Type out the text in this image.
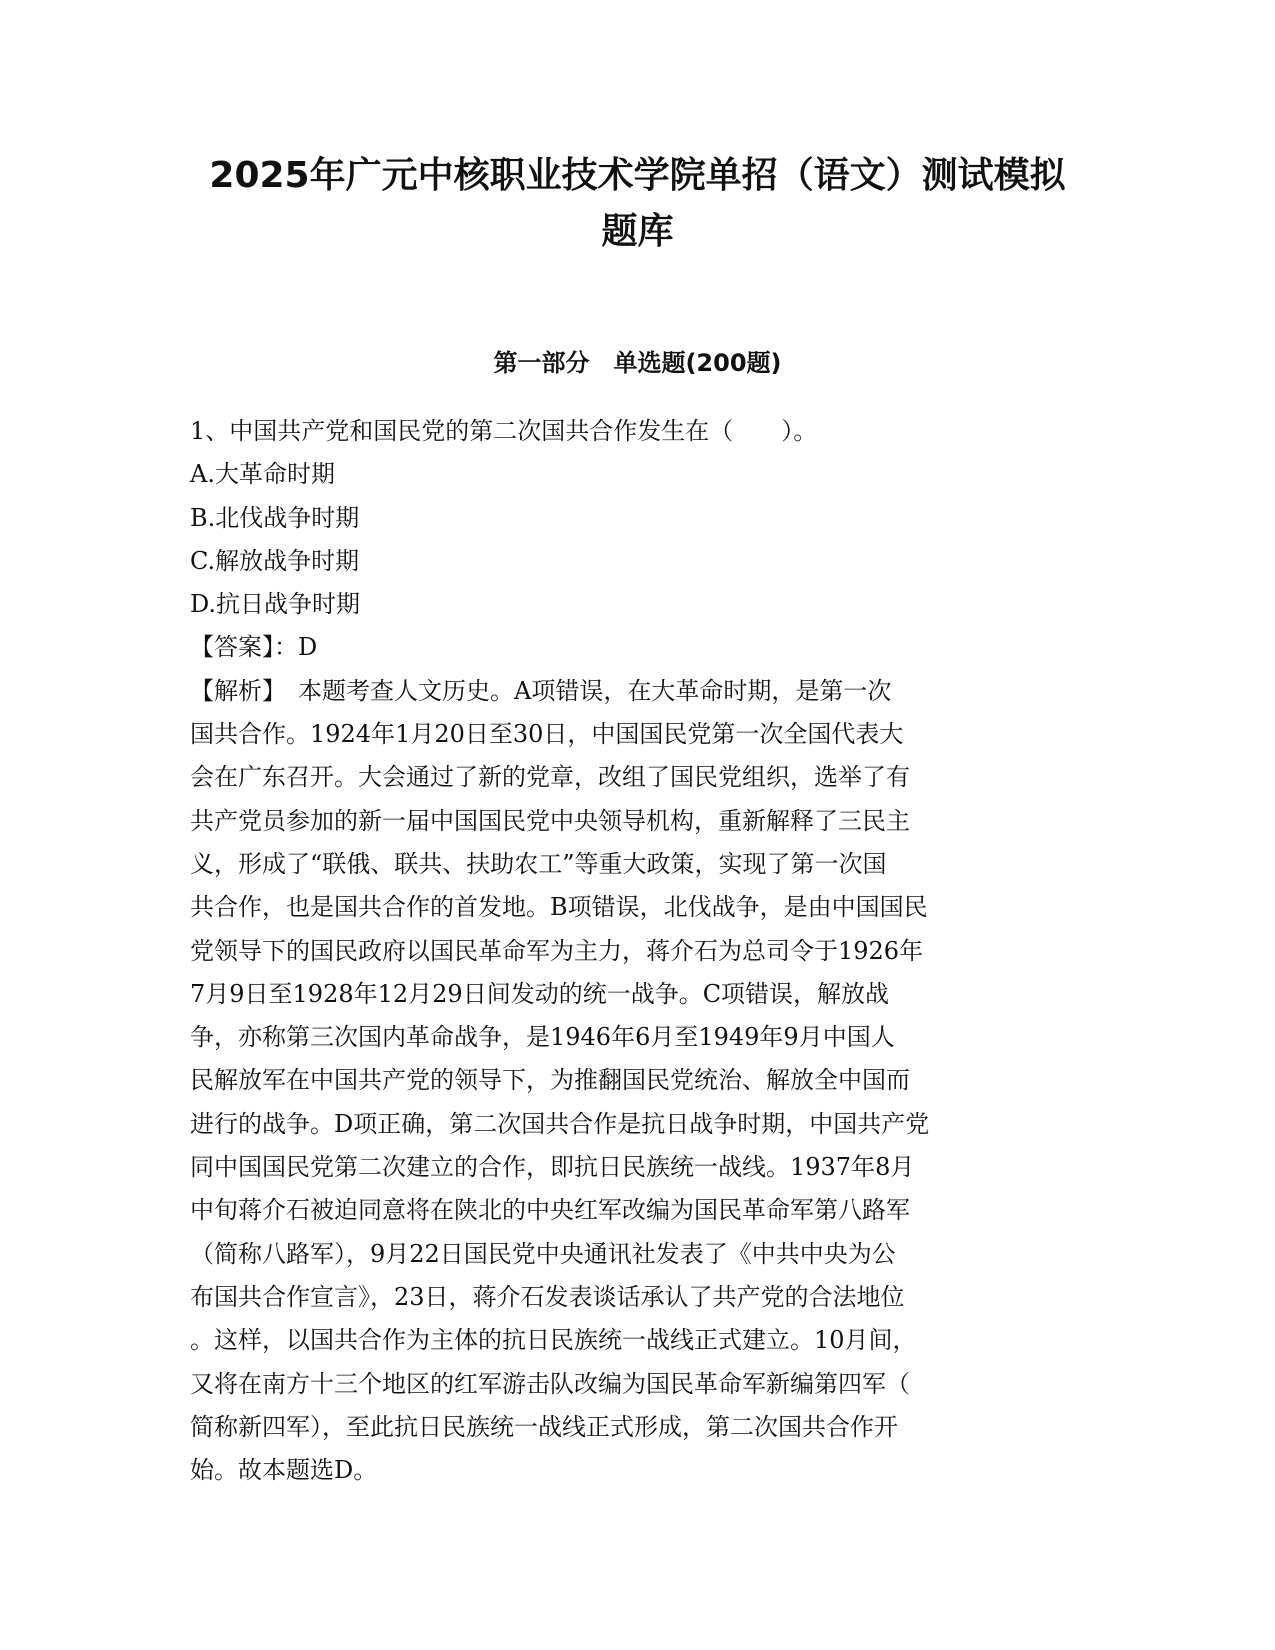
2025年广元中核职业技术学院单招（语文）测试模拟
题库
第一部分　单选题(200题)
1、中国共产党和国民党的第二次国共合作发生在（　　）。
A.大革命时期
B.北伐战争时期
C.解放战争时期
D.抗日战争时期
【答案】：D
【解析】　本题考查人文历史。A项错误，在大革命时期，是第一次
国共合作。1924年1月20日至30日，中国国民党第一次全国代表大
会在广东召开。大会通过了新的党章，改组了国民党组织，选举了有
共产党员参加的新一届中国国民党中央领导机构，重新解释了三民主
义，形成了“联俄、联共、扶助农工”等重大政策，实现了第一次国
共合作，也是国共合作的首发地。B项错误，北伐战争，是由中国国民
党领导下的国民政府以国民革命军为主力，蒋介石为总司令于1926年
7月9日至1928年12月29日间发动的统一战争。C项错误，解放战
争，亦称第三次国内革命战争，是1946年6月至1949年9月中国人
民解放军在中国共产党的领导下，为推翻国民党统治、解放全中国而
进行的战争。D项正确，第二次国共合作是抗日战争时期，中国共产党
同中国国民党第二次建立的合作，即抗日民族统一战线。1937年8月
中旬蒋介石被迫同意将在陕北的中央红军改编为国民革命军第八路军
（简称八路军），9月22日国民党中央通讯社发表了《中共中央为公
布国共合作宣言》，23日，蒋介石发表谈话承认了共产党的合法地位
。这样，以国共合作为主体的抗日民族统一战线正式建立。10月间，
又将在南方十三个地区的红军游击队改编为国民革命军新编第四军（
简称新四军），至此抗日民族统一战线正式形成，第二次国共合作开
始。故本题选D。
